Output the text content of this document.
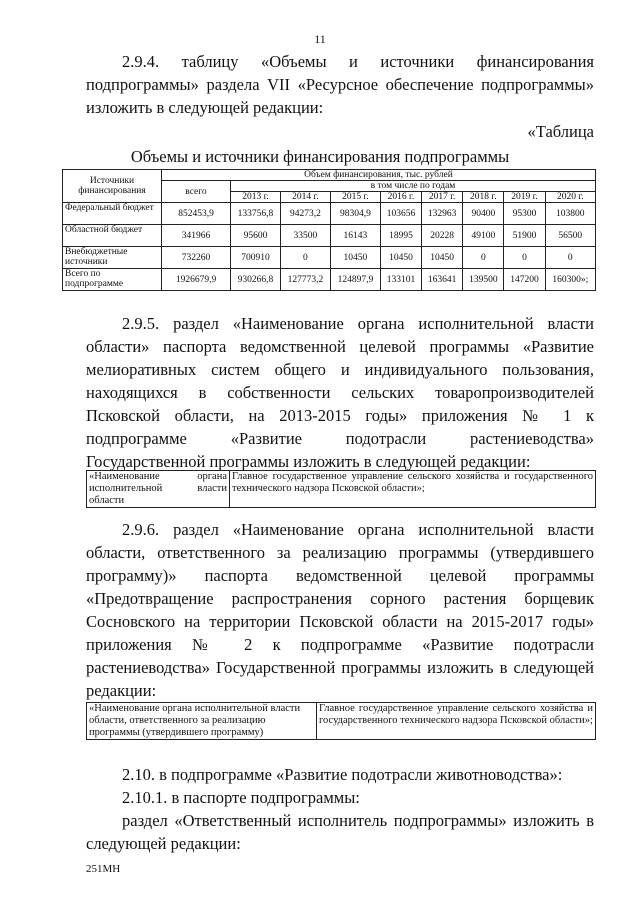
11

2.9.4. таблицу «Объемы и источники финансирования подпрограммы» раздела VII «Ресурсное обеспечение подпрограммы» изложить в следующей редакции:

«Таблица
Объемы и источники финансирования подпрограммы
Источники финансирования	Объем финансирования, тыс. рублей								
	всего	в том числе по годам							
		2013 г.	2014 г.	2015 г.	2016 г.	2017 г.	2018 г.	2019 г.	2020 г.
Федеральный бюджет	852453,9	133756,8	94273,2	98304,9	103656	132963	90400	95300	103800
Областной бюджет	341966	95600	33500	16143	18995	20228	49100	51900	56500
Внебюджетные источники	732260	700910	0	10450	10450	10450	0	0	0
Всего по подпрограмме	1926679,9	930266,8	127773,2	124897,9	133101	163641	139500	147200	160300»;

2.9.5. раздел «Наименование органа исполнительной власти области» паспорта ведомственной целевой программы «Развитие мелиоративных систем общего и индивидуального пользования, находящихся в собственности сельских товаропроизводителей Псковской области, на 2013-2015 годы» приложения № 1 к подпрограмме «Развитие подотрасли растениеводства» Государственной программы изложить в следующей редакции:

«Наименование органа исполнительной власти области	Главное государственное управление сельского хозяйства и государственного технического надзора Псковской области»;

2.9.6. раздел «Наименование органа исполнительной власти области, ответственного за реализацию программы (утвердившего программу)» паспорта ведомственной целевой программы «Предотвращение распространения сорного растения борщевик Сосновского на территории Псковской области на 2015-2017 годы» приложения № 2 к подпрограмме «Развитие подотрасли растениеводства» Государственной программы изложить в следующей редакции:

«Наименование органа исполнительной власти области, ответственного за реализацию программы (утвердившего программу)	Главное государственное управление сельского хозяйства и государственного технического надзора Псковской области»;

2.10. в подпрограмме «Развитие подотрасли животноводства»:

2.10.1. в паспорте подпрограммы:

раздел «Ответственный исполнитель подпрограммы» изложить в следующей редакции:

251МН
